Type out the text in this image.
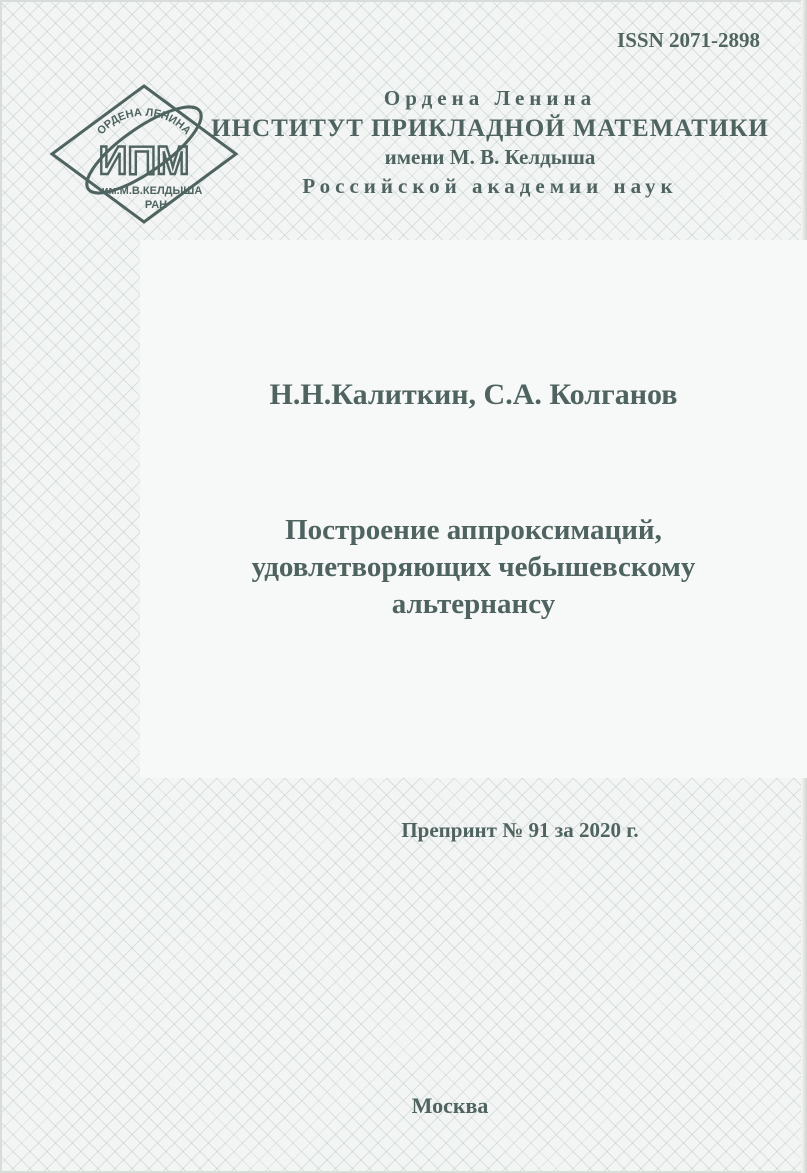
ISSN 2071-2898
ОРДЕНА ЛЕНИНА
ИПМ
им.М.В.КЕЛДЫША
РАН
Ордена Ленина
ИНСТИТУТ ПРИКЛАДНОЙ МАТЕМАТИКИ
имени М. В. Келдыша
Российской академии наук
Н.Н.Калиткин, С.А. Колганов
Построение аппроксимаций,
удовлетворяющих чебышевскому
альтернансу
Препринт № 91 за 2020 г.
Москва
